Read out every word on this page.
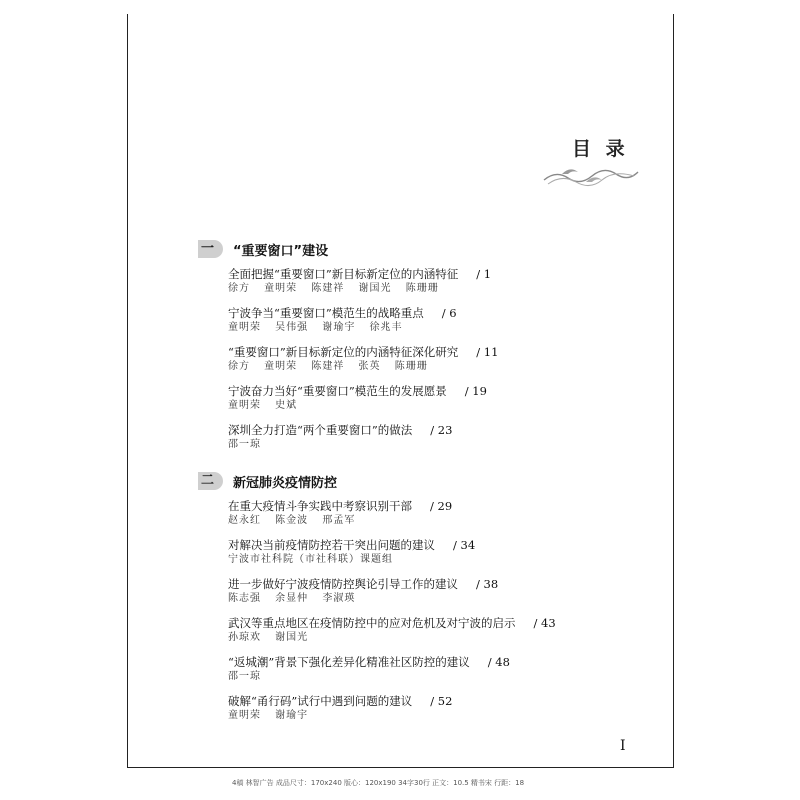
目 录
一	“重要窗口”建设
全面把握“重要窗口”新目标新定位的内涵特征 / 1
徐方 童明荣 陈建祥 谢国光 陈珊珊
宁波争当“重要窗口”模范生的战略重点 / 6
童明荣 吴伟强 谢瑜宇 徐兆丰
“重要窗口”新目标新定位的内涵特征深化研究 / 11
徐方 童明荣 陈建祥 张英 陈珊珊
宁波奋力当好“重要窗口”模范生的发展愿景 / 19
童明荣 史斌
深圳全力打造“两个重要窗口”的做法 / 23
邵一琼
二	新冠肺炎疫情防控
在重大疫情斗争实践中考察识别干部 / 29
赵永红 陈金波 邢孟军
对解决当前疫情防控若干突出问题的建议 / 34
宁波市社科院（市社科联）课题组
进一步做好宁波疫情防控舆论引导工作的建议 / 38
陈志强 余显仲 李淑瑛
武汉等重点地区在疫情防控中的应对危机及对宁波的启示 / 43
孙琼欢 谢国光
“返城潮”背景下强化差异化精准社区防控的建议 / 48
邵一琼
破解“甬行码”试行中遇到问题的建议 / 52
童明荣 谢瑜宇
I
4稿 林智广告 成品尺寸：170x240 版心：120x190 34字30行 正文：10.5 精书宋 行距：18
